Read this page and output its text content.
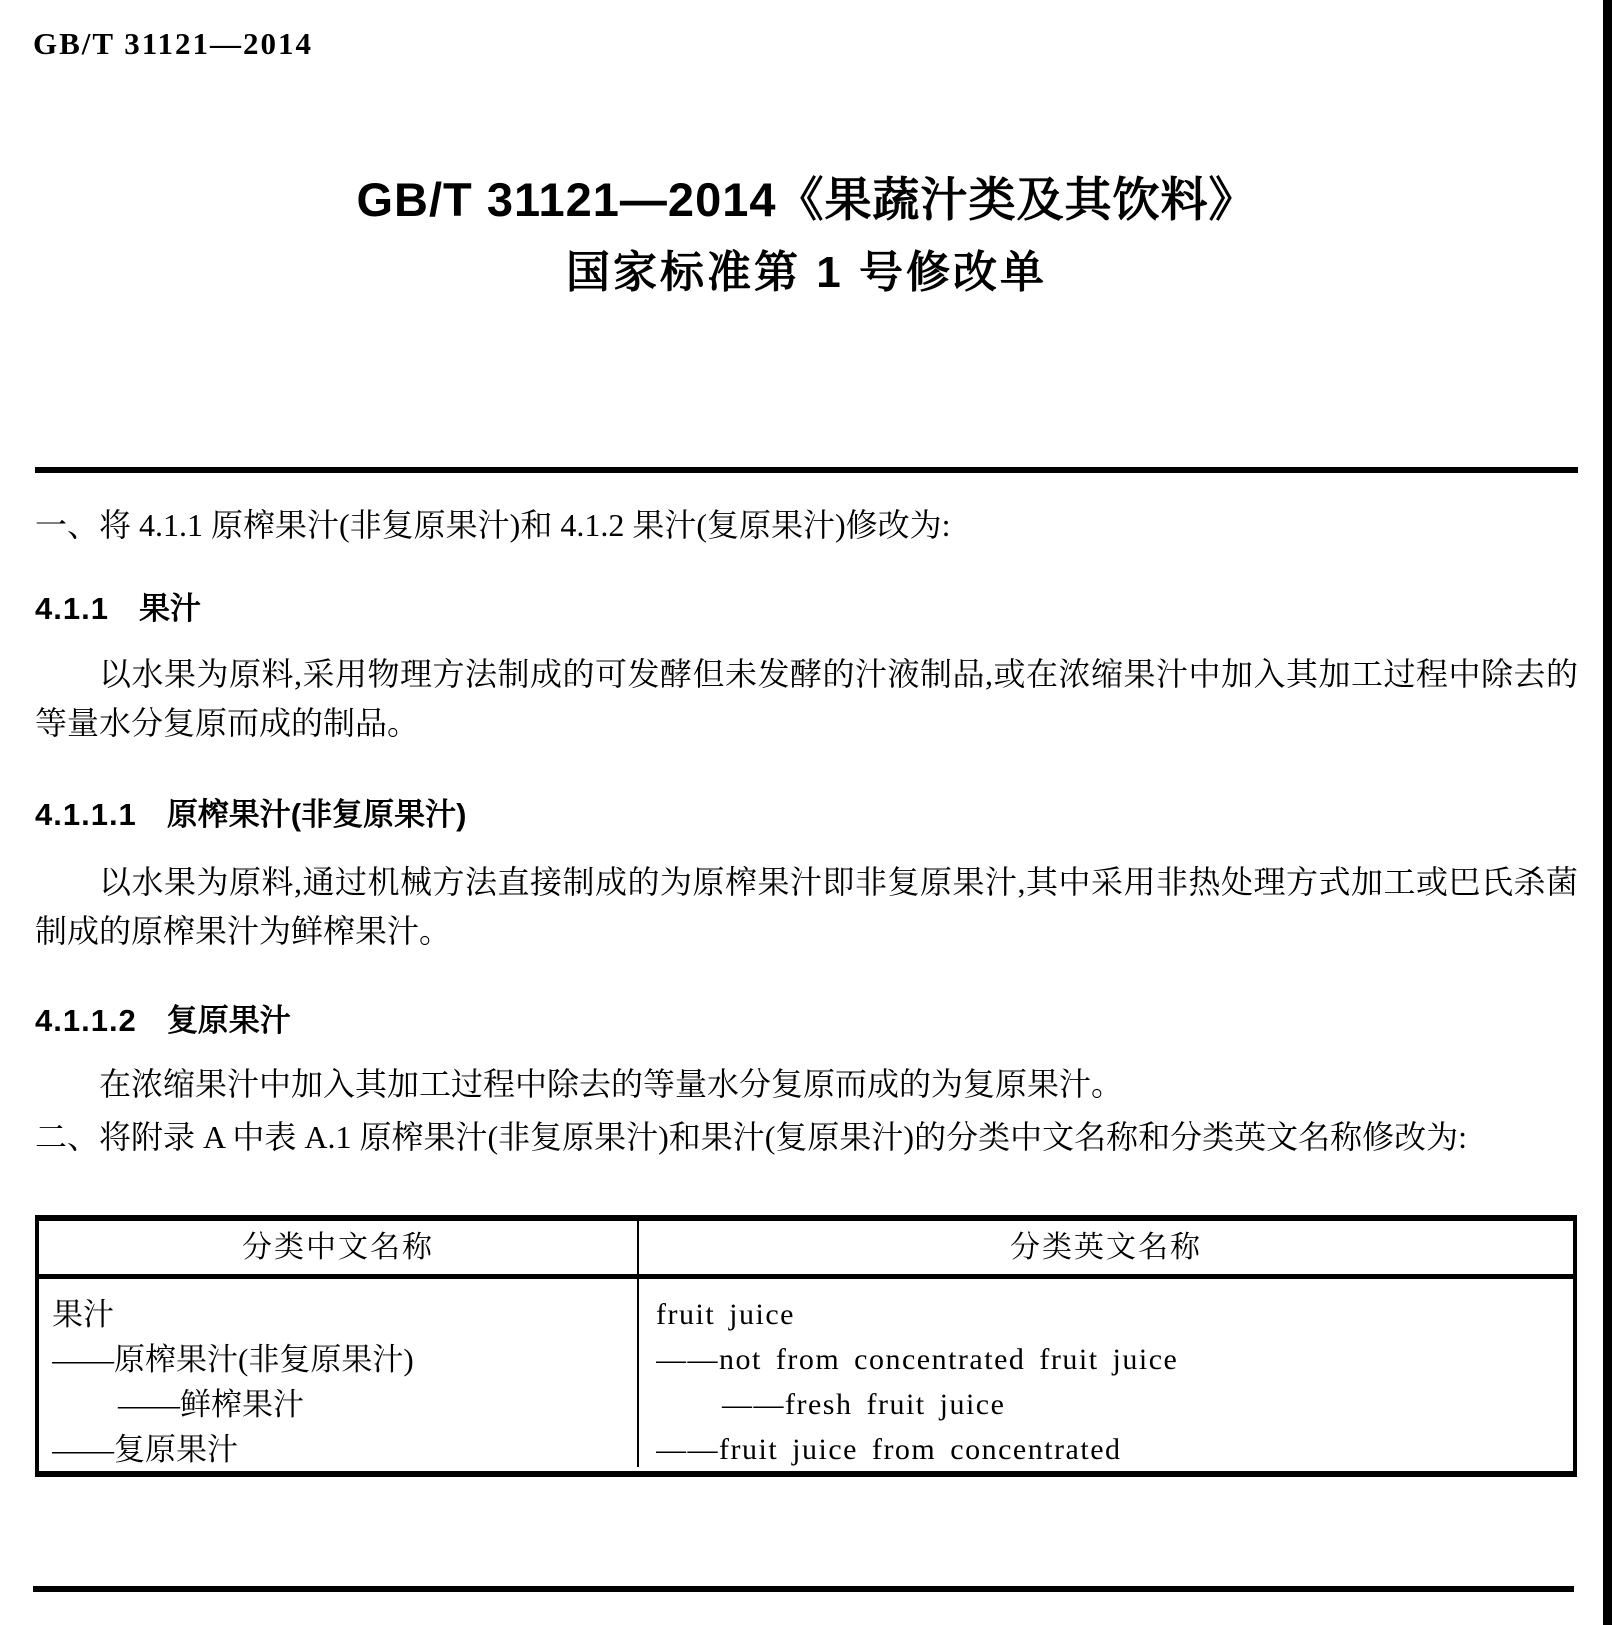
GB/T 31121—2014
GB/T 31121—2014《果蔬汁类及其饮料》
国家标准第 1 号修改单
一、将 4.1.1 原榨果汁(非复原果汁)和 4.1.2 果汁(复原果汁)修改为:
4.1.1 果汁
以水果为原料,采用物理方法制成的可发酵但未发酵的汁液制品,或在浓缩果汁中加入其加工过程中除去的等量水分复原而成的制品。
4.1.1.1 原榨果汁(非复原果汁)
以水果为原料,通过机械方法直接制成的为原榨果汁即非复原果汁,其中采用非热处理方式加工或巴氏杀菌制成的原榨果汁为鲜榨果汁。
4.1.1.2 复原果汁
在浓缩果汁中加入其加工过程中除去的等量水分复原而成的为复原果汁。
二、将附录 A 中表 A.1 原榨果汁(非复原果汁)和果汁(复原果汁)的分类中文名称和分类英文名称修改为:
分类中文名称	分类英文名称
果汁
——原榨果汁(非复原果汁)
——鲜榨果汁
——复原果汁
fruit juice
——not from concentrated fruit juice
——fresh fruit juice
——fruit juice from concentrated
